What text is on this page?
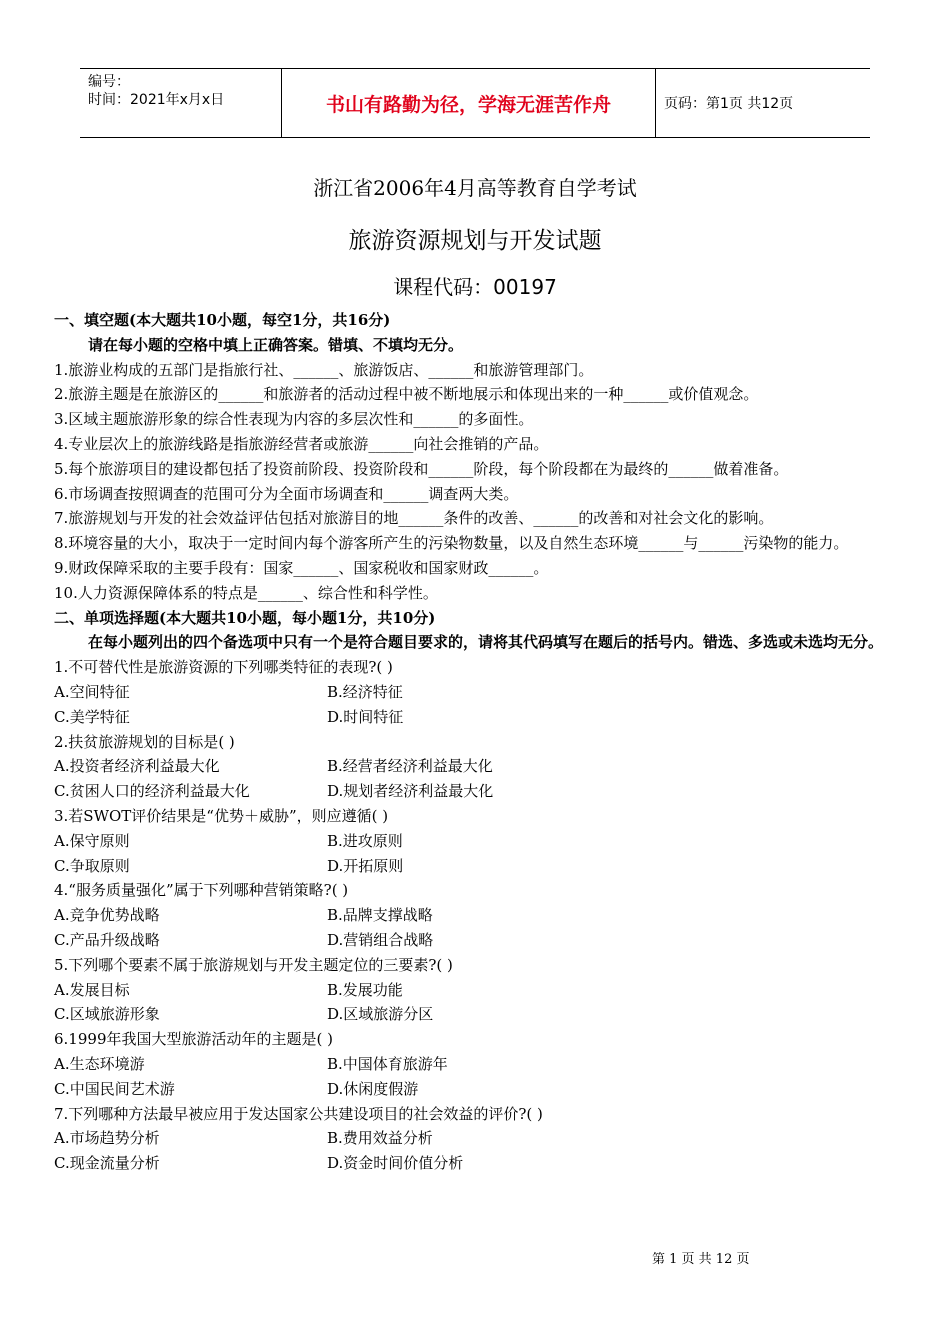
编号：
时间：2021年x月x日	书山有路勤为径，学海无涯苦作舟	页码：第1页 共12页
浙江省2006年4月高等教育自学考试
旅游资源规划与开发试题
课程代码：00197
一、填空题(本大题共10小题，每空1分，共16分)
请在每小题的空格中填上正确答案。错填、不填均无分。
1.旅游业构成的五部门是指旅行社、______、旅游饭店、______和旅游管理部门。
2.旅游主题是在旅游区的______和旅游者的活动过程中被不断地展示和体现出来的一种______或价值观念。
3.区域主题旅游形象的综合性表现为内容的多层次性和______的多面性。
4.专业层次上的旅游线路是指旅游经营者或旅游______向社会推销的产品。
5.每个旅游项目的建设都包括了投资前阶段、投资阶段和______阶段，每个阶段都在为最终的______做着准备。
6.市场调查按照调查的范围可分为全面市场调查和______调查两大类。
7.旅游规划与开发的社会效益评估包括对旅游目的地______条件的改善、______的改善和对社会文化的影响。
8.环境容量的大小，取决于一定时间内每个游客所产生的污染物数量，以及自然生态环境______与______污染物的能力。
9.财政保障采取的主要手段有：国家______、国家税收和国家财政______。
10.人力资源保障体系的特点是______、综合性和科学性。
二、单项选择题(本大题共10小题，每小题1分，共10分)
在每小题列出的四个备选项中只有一个是符合题目要求的，请将其代码填写在题后的括号内。错选、多选或未选均无分。
1.不可替代性是旅游资源的下列哪类特征的表现?( )
A.空间特征	B.经济特征
C.美学特征	D.时间特征
2.扶贫旅游规划的目标是( )
A.投资者经济利益最大化	B.经营者经济利益最大化
C.贫困人口的经济利益最大化	D.规划者经济利益最大化
3.若SWOT评价结果是“优势＋威胁”，则应遵循( )
A.保守原则	B.进攻原则
C.争取原则	D.开拓原则
4.“服务质量强化”属于下列哪种营销策略?( )
A.竞争优势战略	B.品牌支撑战略
C.产品升级战略	D.营销组合战略
5.下列哪个要素不属于旅游规划与开发主题定位的三要素?( )
A.发展目标	B.发展功能
C.区域旅游形象	D.区域旅游分区
6.1999年我国大型旅游活动年的主题是( )
A.生态环境游	B.中国体育旅游年
C.中国民间艺术游	D.休闲度假游
7.下列哪种方法最早被应用于发达国家公共建设项目的社会效益的评价?( )
A.市场趋势分析	B.费用效益分析
C.现金流量分析	D.资金时间价值分析
第 1 页 共 12 页
